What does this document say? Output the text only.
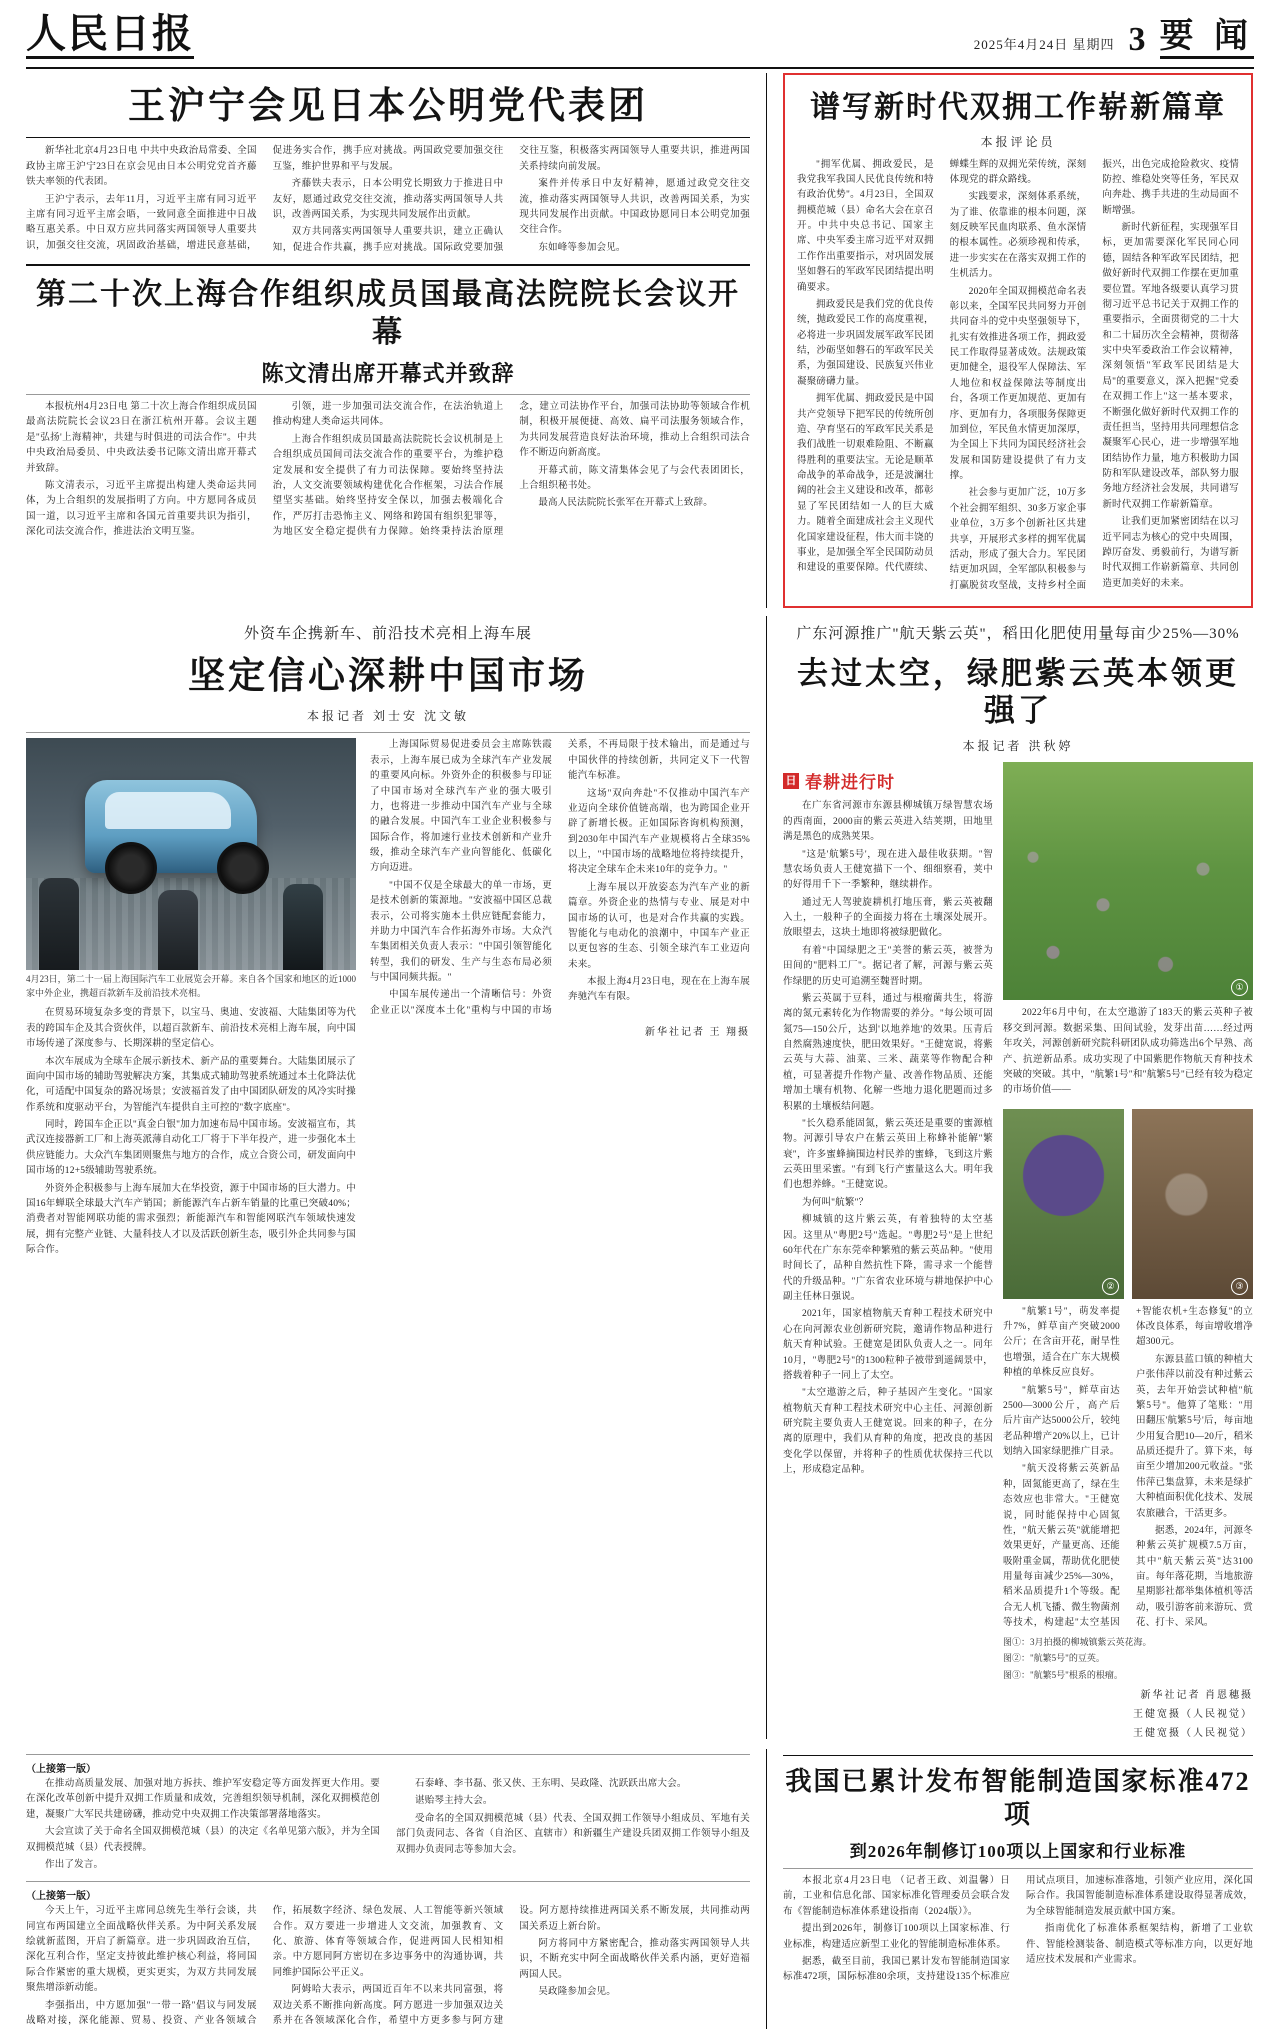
人民日报	2025年4月24日 星期四 3 要 闻
王沪宁会见日本公明党代表团

新华社北京4月23日电 中共中央政治局常委、全国政协主席王沪宁23日在京会见由日本公明党党首齐藤铁夫率领的代表团。

王沪宁表示，去年11月，习近平主席有同习近平主席有同习近平主席会晤，一致同意全面推进中日战略互惠关系。中日双方应共同落实两国领导人重要共识，加强交往交流，巩固政治基础，增进民意基础，促进务实合作，携手应对挑战。两国政党要加强交往互鉴，维护世界和平与发展。

齐藤铁夫表示，日本公明党长期致力于推进日中友好，愿通过政党交往交流，推动落实两国领导人共识，改善两国关系，为实现共同发展作出贡献。

双方共同落实两国领导人重要共识，建立正确认知，促进合作共赢，携手应对挑战。国际政党要加强交往互鉴，积极落实两国领导人重要共识，推进两国关系持续向前发展。

案件并传承日中友好精神，愿通过政党交往交流，推动落实两国领导人共识，改善两国关系，为实现共同发展作出贡献。中国政协愿同日本公明党加强交往合作。

东如峰等参加会见。

第二十次上海合作组织成员国最高法院院长会议开幕
陈文清出席开幕式并致辞

本报杭州4月23日电 第二十次上海合作组织成员国最高法院院长会议23日在浙江杭州开幕。会议主题是"弘扬'上海精神'，共建与时俱进的司法合作"。中共中央政治局委员、中央政法委书记陈文清出席开幕式并致辞。

陈文清表示，习近平主席提出构建人类命运共同体，为上合组织的发展指明了方向。中方愿同各成员国一道，以习近平主席和各国元首重要共识为指引，深化司法交流合作，推进法治文明互鉴。

引领，进一步加强司法交流合作，在法治轨道上推动构建人类命运共同体。

上海合作组织成员国最高法院院长会议机制是上合组织成员国间司法交流合作的重要平台，为维护稳定发展和安全提供了有力司法保障。要始终坚持法治，人文交流要领域构建优化合作框架，习法合作展望坚实基础。始终坚持安全保以，加强去极端化合作，严厉打击恐怖主义、网络和跨国有组织犯罪等，为地区安全稳定提供有力保障。始终秉持法治原理念，建立司法协作平台，加强司法协助等领域合作机制，积极开展便捷、高效、扁平司法服务领域合作，为共同发展营造良好法治环境，推动上合组织司法合作不断迈向新高度。

开幕式前，陈文清集体会见了与会代表团团长，上合组织秘书处。

最高人民法院院长张军在开幕式上致辞。

谱写新时代双拥工作崭新篇章
本报评论员

"拥军优属、拥政爱民，是我党我军我国人民优良传统和特有政治优势"。4月23日，全国双拥模范城（县）命名大会在京召开。中共中央总书记、国家主席、中央军委主席习近平对双拥工作作出重要指示，对巩固发展坚如磐石的军政军民团结提出明确要求。

拥政爱民是我们党的优良传统，抛政爱民工作的高度重视，必将进一步巩固发展军政军民团结，沙砺坚如磐石的军政军民关系，为强国建设、民族复兴伟业凝聚磅礴力量。

拥军优属、拥政爱民是中国共产党领导下把军民的传统所创造、孕育坚石的军政军民关系是我们战胜一切艰难险阻、不断赢得胜利的重要法宝。无论是顺革命战争的革命战争，还是波澜壮阔的社会主义建设和改革，都彰显了军民团结如一人的巨大威力。随着全面建成社会主义现代化国家建设征程，伟大而丰饶的事业，是加强全军全民国防动员和建设的重要保障。代代赓续、蝉蝶生辉的双拥光荣传统，深刻体现党的群众路线。

实践要求，深刻体系系统，为了谁、依靠谁的根本问题，深刻反映军民血肉联系、鱼水深情的根本属性。必须珍视和传承，进一步实实在在落实双拥工作的生机活力。

2020年全国双拥模范命名表彰以来，全国军民共同努力开创共同奋斗的党中央坚强领导下，扎实有效推进各项工作，拥政爱民工作取得显著成效。法规政策更加健全，退役军人保障法、军人地位和权益保障法等制度出台，各项工作更加规范、更加有序、更加有力，各项服务保障更加到位，军民鱼水情更加深厚，为全国上下共同为国民经济社会发展和国防建设提供了有力支撑。

社会参与更加广泛，10万多个社会拥军组织、30多万家企事业单位，3万多个创新社区共建共享，开展形式多样的拥军优属活动，形成了强大合力。军民团结更加巩固，全军部队积极参与打赢脱贫攻坚战，支持乡村全面振兴，出色完成抢险救灾、疫情防控、维稳处突等任务，军民双向奔赴、携手共进的生动局面不断增强。

新时代新征程，实现强军目标，更加需要深化军民同心同德，固结各种军政军民团结，把做好新时代双拥工作摆在更加重要位置。军地各级要认真学习贯彻习近平总书记关于双拥工作的重要指示，全面贯彻党的二十大和二十届历次全会精神，贯彻落实中央军委政治工作会议精神，深刻领悟"军政军民团结是大局"的重要意义，深入把握"党委在双拥工作上"这一基本要求，不断强化做好新时代双拥工作的责任担当，坚持用共同理想信念凝聚军心民心，进一步增强军地团结协作力量，地方积极助力国防和军队建设改革，部队努力服务地方经济社会发展，共同谱写新时代双拥工作崭新篇章。

让我们更加紧密团结在以习近平同志为核心的党中央周围，踔厉奋发、勇毅前行，为谱写新时代双拥工作崭新篇章、共同创造更加美好的未来。

外资车企携新车、前沿技术亮相上海车展
坚定信心深耕中国市场
本报记者 刘士安 沈文敏
4月23日，第二十一届上海国际汽车工业展览会开幕。来自各个国家和地区的近1000家中外企业，携超百款新车及前沿技术亮相。

在贸易环境复杂多变的背景下，以宝马、奥迪、安波福、大陆集团等为代表的跨国车企及其合资伙伴，以超百款新车、前沿技术亮相上海车展，向中国市场传递了深度参与、长期深耕的坚定信心。

本次车展成为全球车企展示新技术、新产品的重要舞台。大陆集团展示了面向中国市场的辅助驾驶解决方案，其集成式辅助驾驶系统通过本土化降法优化，可适配中国复杂的路况场景；安波福首发了由中国团队研发的风冷实时操作系统和度驱动平台，为智能汽车提供自主可控的"数字底座"。

同时，跨国车企正以"真金白银"加力加速布局中国市场。安波福宣布，其武汉连接器新工厂和上海英派薄自动化工厂将于下半年投产，进一步强化本土供应链能力。大众汽车集团则聚焦与地方的合作，成立合资公司，研发面向中国市场的12+5级辅助驾驶系统。

外资外企积极参与上海车展加大在华投资，源于中国市场的巨大潜力。中国16年蝉联全球最大汽车产销国；新能源汽车占新车销量的比重已突破40%；消费者对智能网联功能的需求强烈；新能源汽车和智能网联汽车领域快速发展，拥有完整产业链、大量科技人才以及活跃创新生态，吸引外企共同参与国际合作。

上海国际贸易促进委员会主席陈铁霞表示，上海车展已成为全球汽车产业发展的重要风向标。外资外企的积极参与印证了中国市场对全球汽车产业的强大吸引力，也将进一步推动中国汽车产业与全球的融合发展。中国汽车工业企业积极参与国际合作，将加速行业技术创新和产业升级，推动全球汽车产业向智能化、低碳化方向迈进。

"中国不仅是全球最大的单一市场，更是技术创新的策源地。"安波福中国区总裁表示，公司将实施本土供应链配套能力，并助力中国汽车合作拓海外市场。大众汽车集团相关负责人表示："中国引领智能化转型，我们的研发、生产与生态布局必须与中国同频共振。"

中国车展传递出一个清晰信号：外资企业正以"深度本土化"重构与中国的市场关系，不再局限于技术输出，而是通过与中国伙伴的持续创新，共同定义下一代智能汽车标准。

这场"双向奔赴"不仅推动中国汽车产业迈向全球价值链高端，也为跨国企业开辟了新增长极。正如国际咨询机构预测，到2030年中国汽车产业规模将占全球35%以上，"中国市场的战略地位将持续提升，将决定全球车企未来10年的竞争力。"

上海车展以开放姿态为汽车产业的新篇章。外资企业的热情与专业、展是对中国市场的认可，也是对合作共赢的实践。智能化与电动化的浪潮中，中国车产业正以更包容的生态、引领全球汽车工业迈向未来。

本报上海4月23日电，现在在上海车展奔驰汽车有限。

新华社记者 王 翔摄
广东河源推广"航天紫云英"，稻田化肥使用量每亩少25%—30%
去过太空，绿肥紫云英本领更强了
本报记者 洪秋婷
日 春耕进行时

在广东省河源市东源县柳城镇万绿智慧农场的西南面，2000亩的紫云英进入结荚期，田地里满是黑色的成熟荚果。

"这是'航繁5号'，现在进入最佳收获期。"智慧农场负责人王健宽描下一个、细细察看，荚中的好得用千下一季繁种，继续耕作。

通过无人驾驶旋耕机打地压膏，紫云英被翻入土，一般种子的全面接力将在土壤深处展开。放眼望去，这块土地即将被绿肥做化。

有着"中国绿肥之王"美誉的紫云英，被誉为田间的"肥料工厂"。据记者了解，河源与紫云英作绿肥的历史可追溯至魏晋时期。

紫云英属于豆科，通过与根瘤菌共生，将游离的氮元素转化为作物需要的养分。"每公顷可固氮75—150公斤，达到'以地养地'的效果。压青后自然腐熟速度快，肥田效果好。"王健宽说，将紫云英与大蒜、油菜、三米、蔬菜等作物配合种植，可显著提升作物产量、改善作物品质、还能增加土壤有机物、化解一些地力退化肥题而过多积累的土壤板结问题。

"长久稳系能固氮，紫云英还是重要的蜜源植物。河源引导农户在紫云英田上称蜂补能解"繁衰"，许多蜜蜂摘围边村民养的蜜蜂，飞到这片紫云英田里采蜜。"有到飞行产蜜量这么大。明年我们也想养蜂。"王健宽说。

为何叫"航繁"？

柳城镇的这片紫云英，有着独特的太空基因。这里从"粤肥2号"选起。"粤肥2号"是上世纪60年代在广东东莞牵种繁殖的紫云英品种。"使用时间长了，品种自然抗性下降，需寻求一个能替代的升级品种。"广东省农业环境与耕地保护中心副主任林日强说。

2021年，国家植物航天育种工程技术研究中心在向河源农业创新研究院，邀请作物品种进行航天育种试验。王健宽是团队负责人之一。同年10月，"粤肥2号"的1300粒种子被带到遥阔景中，搭载着种子一同上了太空。

"太空遨游之后，种子基因产生变化。"国家植物航天育种工程技术研究中心主任、河源创新研究院主要负责人王健宽说。回来的种子，在分离的原理中，我们从育种的角度，把改良的基因变化学以保留，并将种子的性质优状保持三代以上，形成稳定品种。

①

2022年6月中旬，在太空遨游了183天的紫云英种子被移交到河源。数据采集、田间试验，发芽出苗……经过两年攻关，河源创新研究院科研团队成功筛选出6个早熟、高产、抗逆新品系。成功实现了中国紫肥作物航天育种技术突破的突破。其中，"航繁1号"和"航繁5号"已经有较为稳定的市场价值——

②	③

"航繁1号"，萌发率提升7%，鲜草亩产突破2000公斤；在含亩开花，耐旱性也增强，适合在广东大规模种植的单株反应良好。

"航繁5号"，鲜草亩达2500—3000公斤，高产后后片亩产达5000公斤，较纯老品种增产20%以上，已计划纳入国家绿肥推广目录。

"航天没将紫云英新品种，固氮能更高了，绿在生态效应也非常大。"王健宽说，同时能保持中心固氮性，"航天紫云英"就能增把效果更好，产量更高、还能吸附重金属，帮助优化肥使用量每亩减少25%—30%，稻米品质提升1个等级。配合无人机飞播、微生物菌剂等技术，构建起"太空基因+智能农机+生态修复"的立体改良体系，每亩增收增净超300元。

东源县蓝口镇的种植大户张伟萍以前没有种过紫云英，去年开始尝试种植"航繁5号"。他算了笔账："用田翻压'航繁5号'后，每亩地少用复合肥10—20斤，稻米品质还提升了。算下来，每亩至少增加200元收益。"张伟萍已集盘算，未来是绿扩大种植面积优化技术、发展农旅融合，干活更多。

据悉，2024年，河源冬种紫云英扩规模7.5万亩，其中"航天紫云英"达3100亩。每年落花期，当地旅游星期影社都举集体植机等活动，吸引游客前来游玩、赏花、打卡、采风。

图①：3月拍摄的柳城镇紫云英花海。
图②："航繁5号"的豆英。
图③："航繁5号"根系的根瘤。
新华社记者 肖恩穗摄
王健宽摄（人民视觉）
王健宽摄（人民视觉）
（上接第一版）

在推动高质量发展、加强对地方拆扶、维护军安稳定等方面发挥更大作用。要在深化改革创新中提升双拥工作质量和成效，完善组织领导机制，深化双拥模范创建，凝聚广大军民共建磅礴，推动党中央双拥工作决策部署落地落实。

大会宣读了关于命名全国双拥模范城（县）的决定《名单见第六版》，并为全国双拥模范城（县）代表授牌。

作出了发言。

石泰峰、李书磊、张又侠、王东明、吴政隆、沈跃跃出席大会。

谌贻琴主持大会。

受命名的全国双拥模范城（县）代表、全国双拥工作领导小组成员、军地有关部门负责同志、各省（自治区、直辖市）和新疆生产建设兵团双拥工作领导小组及双拥办负责同志等参加大会。

（上接第一版）

今天上午，习近平主席同总统先生举行会谈，共同宣布两国建立全面战略伙伴关系。为中阿关系发展绘就新蓝图，开启了新篇章。进一步巩固政治互信，深化互利合作，坚定支持彼此维护核心利益，将同国际合作紧密的重大规模，更实更实，为双方共同发展聚焦增添新动能。

李强指出，中方愿加强"一带一路"倡议与同发展战略对接，深化能源、贸易、投资、产业各领域合作，拓展数字经济、绿色发展、人工智能等新兴领域合作。双方要进一步增进人文交流，加强教育、文化、旅游、体育等领域合作，促进两国人民相知相亲。中方愿同阿方密切在多边事务中的沟通协调，共同维护国际公平正义。

阿姆哈大表示，两国近百年不以来共同富强，将双边关系不断推向新高度。阿方愿进一步加强双边关系并在各领域深化合作，希望中方更多参与阿方建设。阿方愿持续推进两国关系不断发展，共同推动两国关系迈上新台阶。

阿方将同中方紧密配合，推动落实两国领导人共识，不断充实中阿全面战略伙伴关系内涵，更好造福两国人民。

吴政隆参加会见。

我国已累计发布智能制造国家标准472项
到2026年制修订100项以上国家和行业标准

本报北京4月23日电 （记者王政、刘温馨）日前，工业和信息化部、国家标准化管理委员会联合发布《智能制造标准体系建设指南（2024版）》。

提出到2026年，制修订100项以上国家标准、行业标准，构建适应新型工业化的智能制造标准体系。

据悉，截至目前，我国已累计发布智能制造国家标准472项，国际标准80余项，支持建设135个标准应用试点项目，加速标准落地，引领产业应用，深化国际合作。我国智能制造标准体系建设取得显著成效，为全球智能制造发展贡献中国方案。

指南优化了标准体系框架结构，新增了工业软件、智能检测装备、制造模式等标准方向，以更好地适应技术发展和产业需求。
